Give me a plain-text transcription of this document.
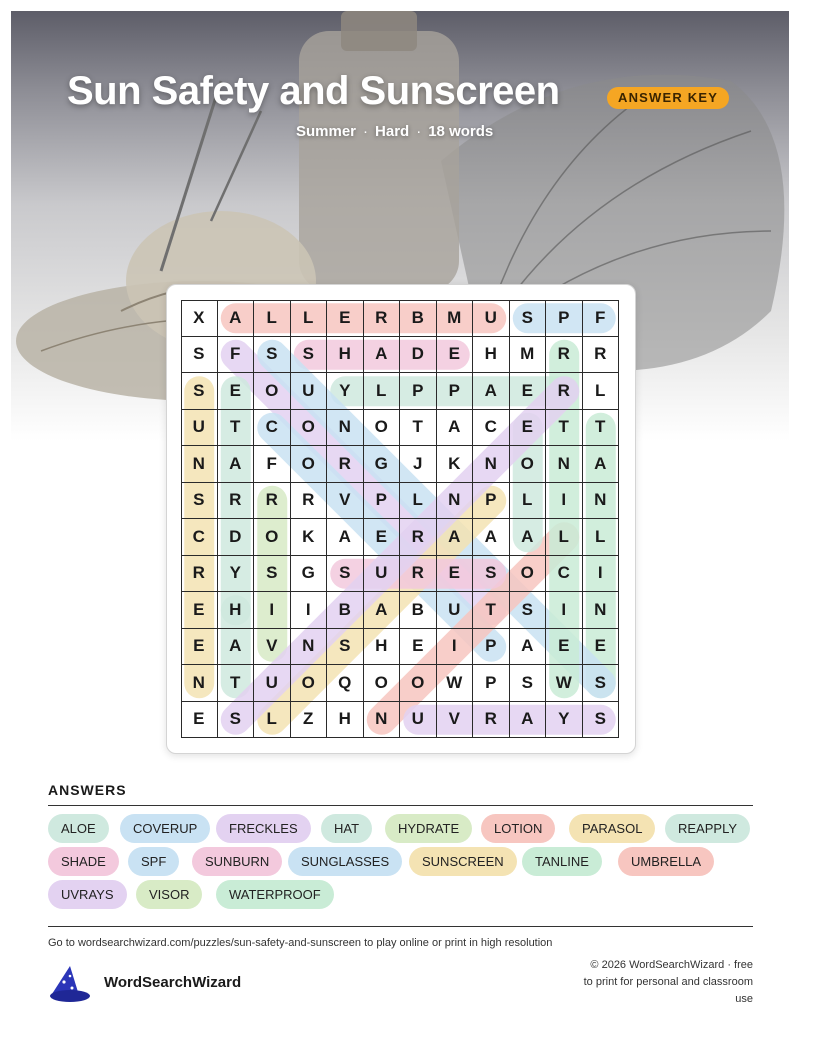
Sun Safety and Sunscreen	ANSWER KEY
Summer · Hard · 18 words
X	A	L	L	E	R	B	M	U	S	P	F
S	F	S	S	H	A	D	E	H	M	R	R
S	E	O	U	Y	L	P	P	A	E	R	L
U	T	C	O	N	O	T	A	C	E	T	T
N	A	F	O	R	G	J	K	N	O	N	A
S	R	R	R	V	P	L	N	P	L	I	N
C	D	O	K	A	E	R	A	A	A	L	L
R	Y	S	G	S	U	R	E	S	O	C	I
E	H	I	I	B	A	B	U	T	S	I	N
E	A	V	N	S	H	E	I	P	A	E	E
N	T	U	O	Q	O	O	W	P	S	W	S
E	S	L	Z	H	N	U	V	R	A	Y	S
ANSWERS
ALOE	COVERUP	FRECKLES	HAT	HYDRATE	LOTION	PARASOL	REAPPLY
SHADE	SPF	SUNBURN	SUNGLASSES	SUNSCREEN	TANLINE	UMBRELLA
UVRAYS	VISOR	WATERPROOF
Go to wordsearchwizard.com/puzzles/sun-safety-and-sunscreen to play online or print in high resolution
WordSearchWizard
© 2026 WordSearchWizard · free to print for personal and classroom use
